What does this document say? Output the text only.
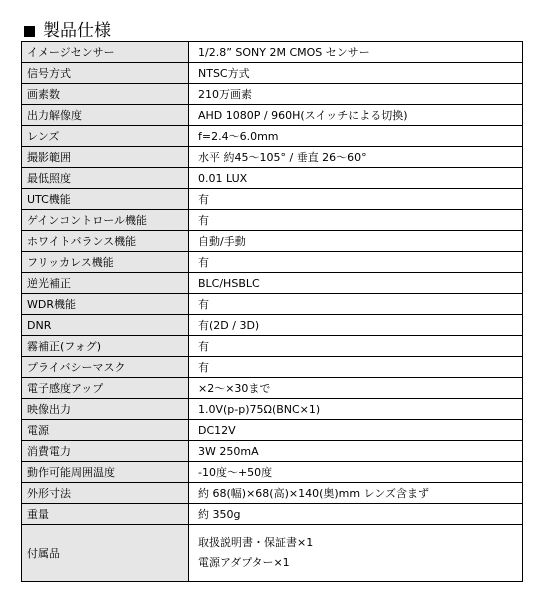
製品仕様
イメージセンサー	1/2.8” SONY 2M CMOS センサー
信号方式	NTSC方式
画素数	210万画素
出力解像度	AHD 1080P / 960H(スイッチによる切換)
レンズ	f=2.4～6.0mm
撮影範囲	水平 約45～105° / 垂直 26～60°
最低照度	0.01 LUX
UTC機能	有
ゲインコントロール機能	有
ホワイトバランス機能	自動/手動
フリッカレス機能	有
逆光補正	BLC/HSBLC
WDR機能	有
DNR	有(2D / 3D)
霧補正(フォグ)	有
プライバシーマスク	有
電子感度アップ	×2～×30まで
映像出力	1.0V(p-p)75Ω(BNC×1)
電源	DC12V
消費電力	3W 250mA
動作可能周囲温度	-10度～+50度
外形寸法	約 68(幅)×68(高)×140(奥)mm レンズ含まず
重量	約 350g
付属品	取扱説明書・保証書×1
電源アダプター×1
